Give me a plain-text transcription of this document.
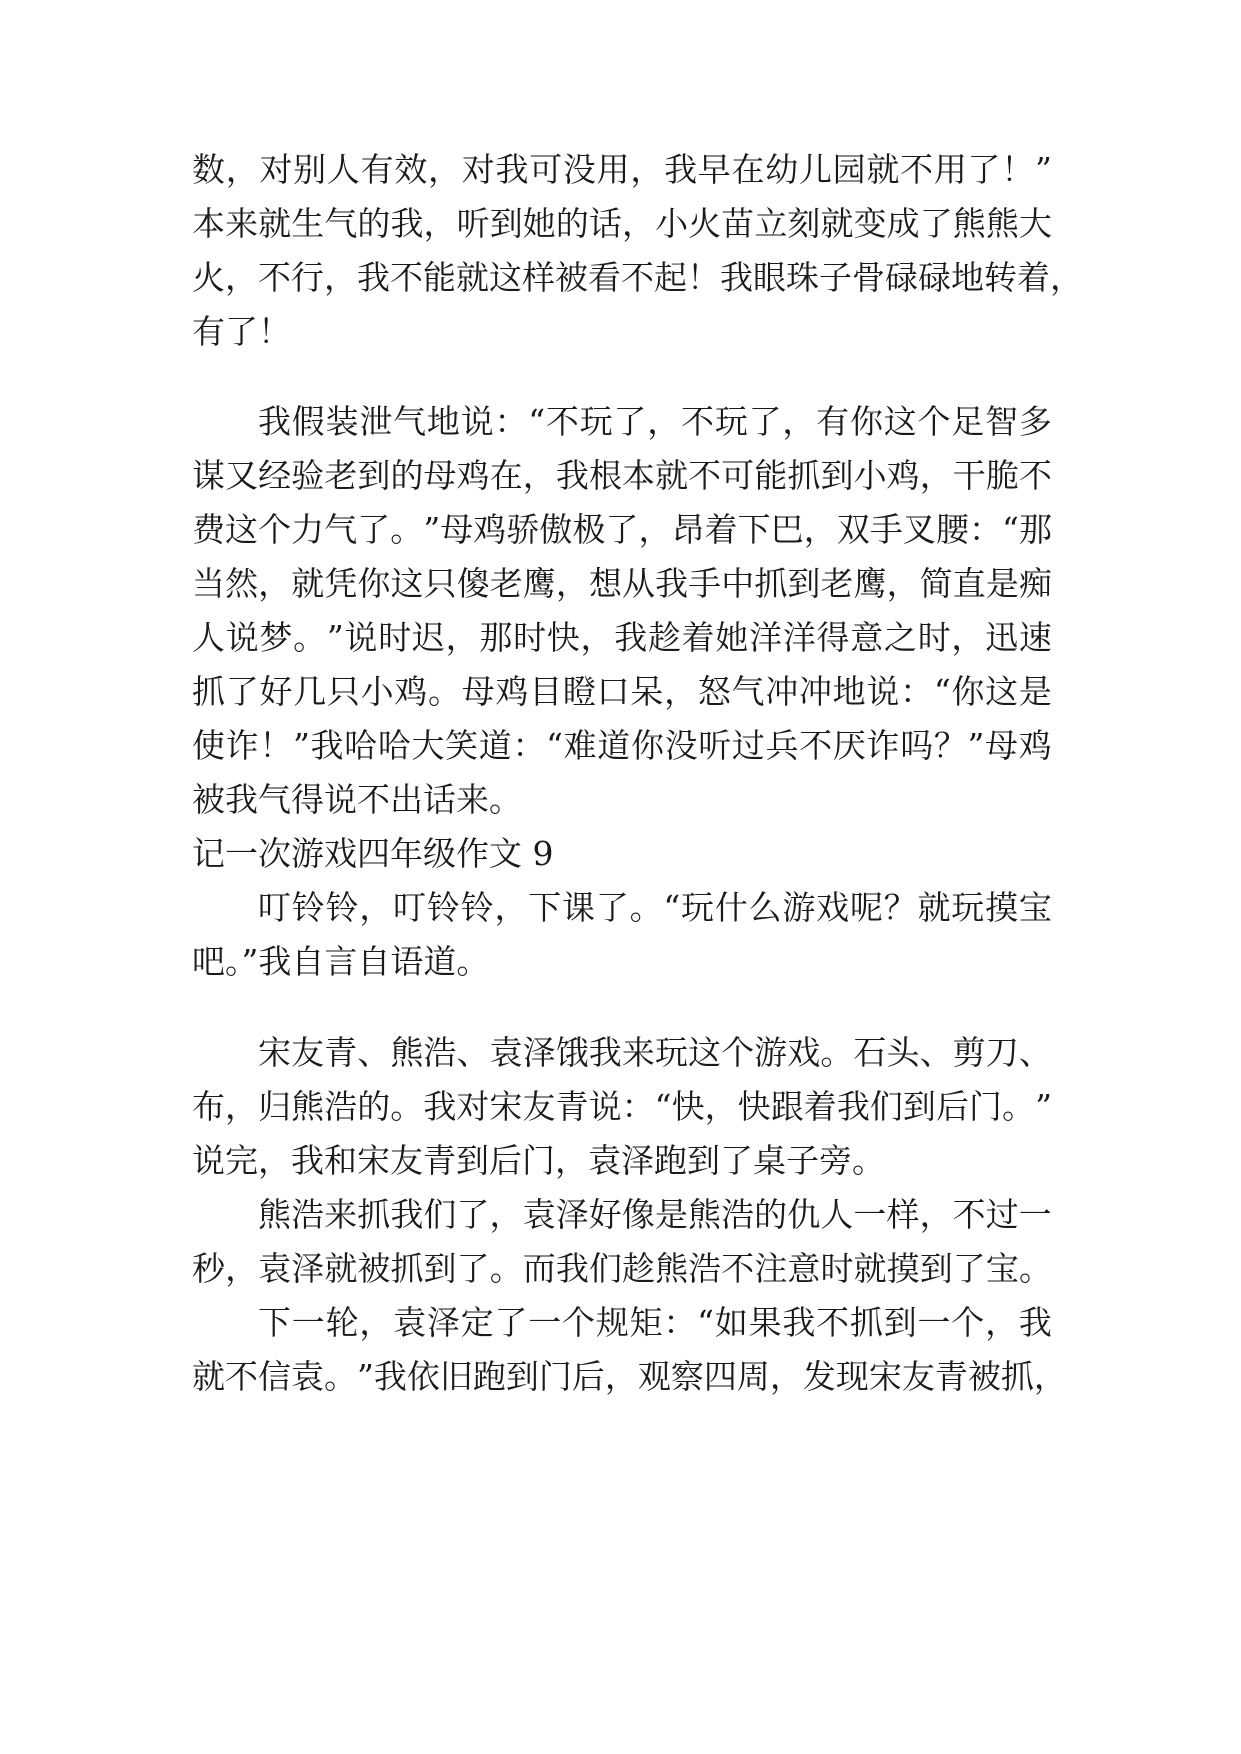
数 ， 对 别 人 有 效 ， 对 我 可 没 用 ， 我 早 在 幼 儿 园 就 不 用 了 ！ ”
本 来 就 生 气 的 我 ， 听 到 她 的 话 ， 小 火 苗 立 刻 就 变 成 了 熊 熊 大
火 ， 不 行 ， 我 不 能 就 这 样 被 看 不 起 ！ 我 眼 珠 子 骨 碌 碌 地 转 着 ，
有了！
我 假 装 泄 气 地 说 ： “ 不 玩 了 ， 不 玩 了 ， 有 你 这 个 足 智 多
谋 又 经 验 老 到 的 母 鸡 在 ， 我 根 本 就 不 可 能 抓 到 小 鸡 ， 干 脆 不
费 这 个 力 气 了 。 ” 母 鸡 骄 傲 极 了 ， 昂 着 下 巴 ， 双 手 叉 腰 ： “ 那
当 然 ， 就 凭 你 这 只 傻 老 鹰 ， 想 从 我 手 中 抓 到 老 鹰 ， 简 直 是 痴
人 说 梦 。 ” 说 时 迟 ， 那 时 快 ， 我 趁 着 她 洋 洋 得 意 之 时 ， 迅 速
抓 了 好 几 只 小 鸡 。 母 鸡 目 瞪 口 呆 ， 怒 气 冲 冲 地 说 ： “ 你 这 是
使 诈 ！ ” 我 哈 哈 大 笑 道 ： “ 难 道 你 没 听 过 兵 不 厌 诈 吗 ？ ” 母 鸡
被我气得说不出话来。
记一次游戏四年级作文 9
叮 铃 铃 ， 叮 铃 铃 ， 下 课 了 。 “ 玩 什 么 游 戏 呢 ？ 就 玩 摸 宝
吧。”我自言自语道。
宋 友 青 、 熊 浩 、 袁 泽 饿 我 来 玩 这 个 游 戏 。 石 头 、 剪 刀 、
布 ， 归 熊 浩 的 。 我 对 宋 友 青 说 ： “ 快 ， 快 跟 着 我 们 到 后 门 。 ”
说完，我和宋友青到后门，袁泽跑到了桌子旁。
熊 浩 来 抓 我 们 了 ， 袁 泽 好 像 是 熊 浩 的 仇 人 一 样 ， 不 过 一
秒 ， 袁 泽 就 被 抓 到 了 。 而 我 们 趁 熊 浩 不 注 意 时 就 摸 到 了 宝 。
下 一 轮 ， 袁 泽 定 了 一 个 规 矩 ： “ 如 果 我 不 抓 到 一 个 ， 我
就 不 信 袁 。 ” 我 依 旧 跑 到 门 后 ， 观 察 四 周 ， 发 现 宋 友 青 被 抓 ，
